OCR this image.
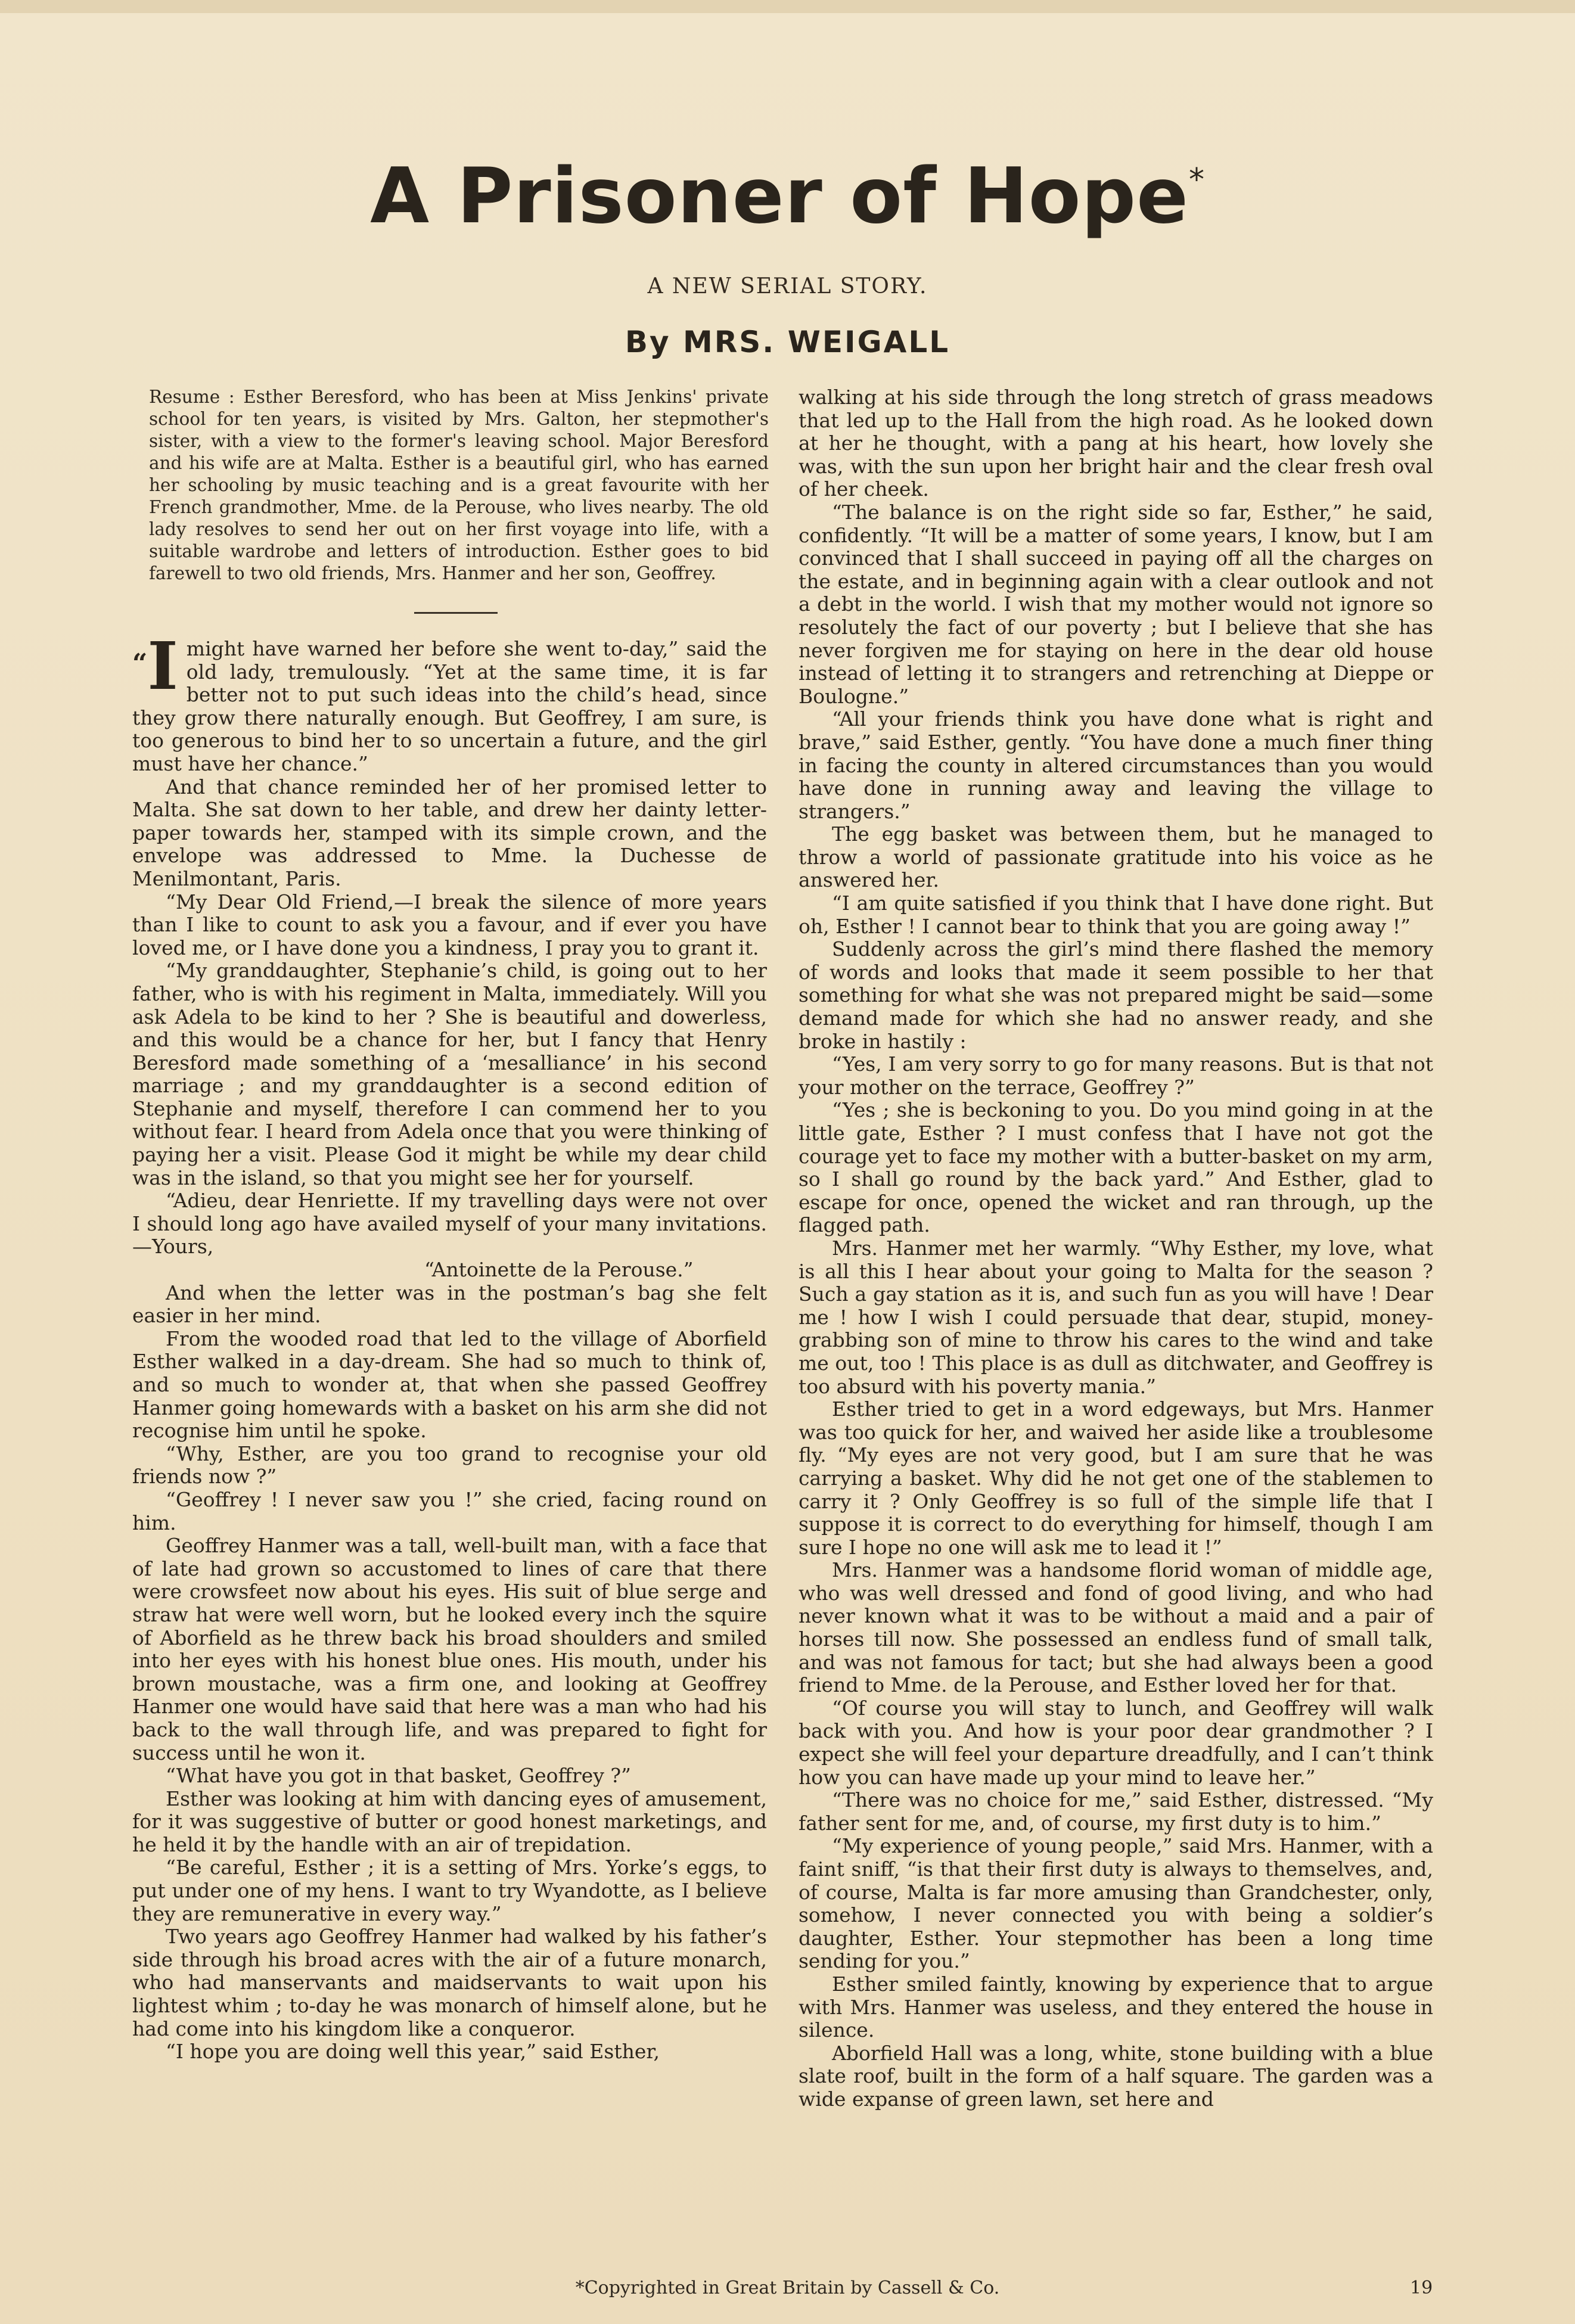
A Prisoner of Hope*
A NEW SERIAL STORY.
By MRS. WEIGALL
Resume : Esther Beresford, who has been at Miss Jenkins' private school for ten years, is visited by Mrs. Galton, her stepmother's sister, with a view to the former's leaving school. Major Beresford and his wife are at Malta. Esther is a beautiful girl, who has earned her schooling by music teaching and is a great favourite with her French grandmother, Mme. de la Perouse, who lives nearby. The old lady resolves to send her out on her first voyage into life, with a suitable wardrobe and letters of introduction. Esther goes to bid farewell to two old friends, Mrs. Hanmer and her son, Geoffrey.

“I might have warned her before she went to-day,” said the old lady, tremulously. “Yet at the same time, it is far better not to put such ideas into the child’s head, since they grow there naturally enough. But Geoffrey, I am sure, is too generous to bind her to so uncertain a future, and the girl must have her chance.”

And that chance reminded her of her promised letter to Malta. She sat down to her table, and drew her dainty letter-paper towards her, stamped with its simple crown, and the envelope was addressed to Mme. la Duchesse de Menilmontant, Paris.

“My Dear Old Friend,—I break the silence of more years than I like to count to ask you a favour, and if ever you have loved me, or I have done you a kindness, I pray you to grant it.

“My granddaughter, Stephanie’s child, is going out to her father, who is with his regiment in Malta, immediately. Will you ask Adela to be kind to her ? She is beautiful and dowerless, and this would be a chance for her, but I fancy that Henry Beresford made something of a ‘mesalliance’ in his second marriage ; and my granddaughter is a second edition of Stephanie and myself, therefore I can commend her to you without fear. I heard from Adela once that you were thinking of paying her a visit. Please God it might be while my dear child was in the island, so that you might see her for yourself.

“Adieu, dear Henriette. If my travelling days were not over I should long ago have availed myself of your many invitations.—Yours,

“Antoinette de la Perouse.”

And when the letter was in the postman’s bag she felt easier in her mind.

From the wooded road that led to the village of Aborfield Esther walked in a day-dream. She had so much to think of, and so much to wonder at, that when she passed Geoffrey Hanmer going homewards with a basket on his arm she did not recognise him until he spoke.

“Why, Esther, are you too grand to recognise your old friends now ?”

“Geoffrey ! I never saw you !” she cried, facing round on him.

Geoffrey Hanmer was a tall, well-built man, with a face that of late had grown so accustomed to lines of care that there were crowsfeet now about his eyes. His suit of blue serge and straw hat were well worn, but he looked every inch the squire of Aborfield as he threw back his broad shoulders and smiled into her eyes with his honest blue ones. His mouth, under his brown moustache, was a firm one, and looking at Geoffrey Hanmer one would have said that here was a man who had his back to the wall through life, and was prepared to fight for success until he won it.

“What have you got in that basket, Geoffrey ?”

Esther was looking at him with dancing eyes of amusement, for it was suggestive of butter or good honest marketings, and he held it by the handle with an air of trepidation.

“Be careful, Esther ; it is a setting of Mrs. Yorke’s eggs, to put under one of my hens. I want to try Wyandotte, as I believe they are remunerative in every way.”

Two years ago Geoffrey Hanmer had walked by his father’s side through his broad acres with the air of a future monarch, who had manservants and maidservants to wait upon his lightest whim ; to-day he was monarch of himself alone, but he had come into his kingdom like a conqueror.

“I hope you are doing well this year,” said Esther,

walking at his side through the long stretch of grass meadows that led up to the Hall from the high road. As he looked down at her he thought, with a pang at his heart, how lovely she was, with the sun upon her bright hair and the clear fresh oval of her cheek.

“The balance is on the right side so far, Esther,” he said, confidently. “It will be a matter of some years, I know, but I am convinced that I shall succeed in paying off all the charges on the estate, and in beginning again with a clear outlook and not a debt in the world. I wish that my mother would not ignore so resolutely the fact of our poverty ; but I believe that she has never forgiven me for staying on here in the dear old house instead of letting it to strangers and retrenching at Dieppe or Boulogne.”

“All your friends think you have done what is right and brave,” said Esther, gently. “You have done a much finer thing in facing the county in altered circumstances than you would have done in running away and leaving the village to strangers.”

The egg basket was between them, but he managed to throw a world of passionate gratitude into his voice as he answered her.

“I am quite satisfied if you think that I have done right. But oh, Esther ! I cannot bear to think that you are going away !”

Suddenly across the girl’s mind there flashed the memory of words and looks that made it seem possible to her that something for what she was not prepared might be said—some demand made for which she had no answer ready, and she broke in hastily :

“Yes, I am very sorry to go for many reasons. But is that not your mother on the terrace, Geoffrey ?”

“Yes ; she is beckoning to you. Do you mind going in at the little gate, Esther ? I must confess that I have not got the courage yet to face my mother with a butter-basket on my arm, so I shall go round by the back yard.” And Esther, glad to escape for once, opened the wicket and ran through, up the flagged path.

Mrs. Hanmer met her warmly. “Why Esther, my love, what is all this I hear about your going to Malta for the season ? Such a gay station as it is, and such fun as you will have ! Dear me ! how I wish I could persuade that dear, stupid, money-grabbing son of mine to throw his cares to the wind and take me out, too ! This place is as dull as ditchwater, and Geoffrey is too absurd with his poverty mania.”

Esther tried to get in a word edgeways, but Mrs. Hanmer was too quick for her, and waived her aside like a troublesome fly. “My eyes are not very good, but I am sure that he was carrying a basket. Why did he not get one of the stablemen to carry it ? Only Geoffrey is so full of the simple life that I suppose it is correct to do everything for himself, though I am sure I hope no one will ask me to lead it !”

Mrs. Hanmer was a handsome florid woman of middle age, who was well dressed and fond of good living, and who had never known what it was to be without a maid and a pair of horses till now. She possessed an endless fund of small talk, and was not famous for tact; but she had always been a good friend to Mme. de la Perouse, and Esther loved her for that.

“Of course you will stay to lunch, and Geoffrey will walk back with you. And how is your poor dear grandmother ? I expect she will feel your departure dreadfully, and I can’t think how you can have made up your mind to leave her.”

“There was no choice for me,” said Esther, distressed. “My father sent for me, and, of course, my first duty is to him.”

“My experience of young people,” said Mrs. Hanmer, with a faint sniff, “is that their first duty is always to themselves, and, of course, Malta is far more amusing than Grandchester, only, somehow, I never connected you with being a soldier’s daughter, Esther. Your stepmother has been a long time sending for you.”

Esther smiled faintly, knowing by experience that to argue with Mrs. Hanmer was useless, and they entered the house in silence.

Aborfield Hall was a long, white, stone building with a blue slate roof, built in the form of a half square. The garden was a wide expanse of green lawn, set here and

*Copyrighted in Great Britain by Cassell & Co.	19
